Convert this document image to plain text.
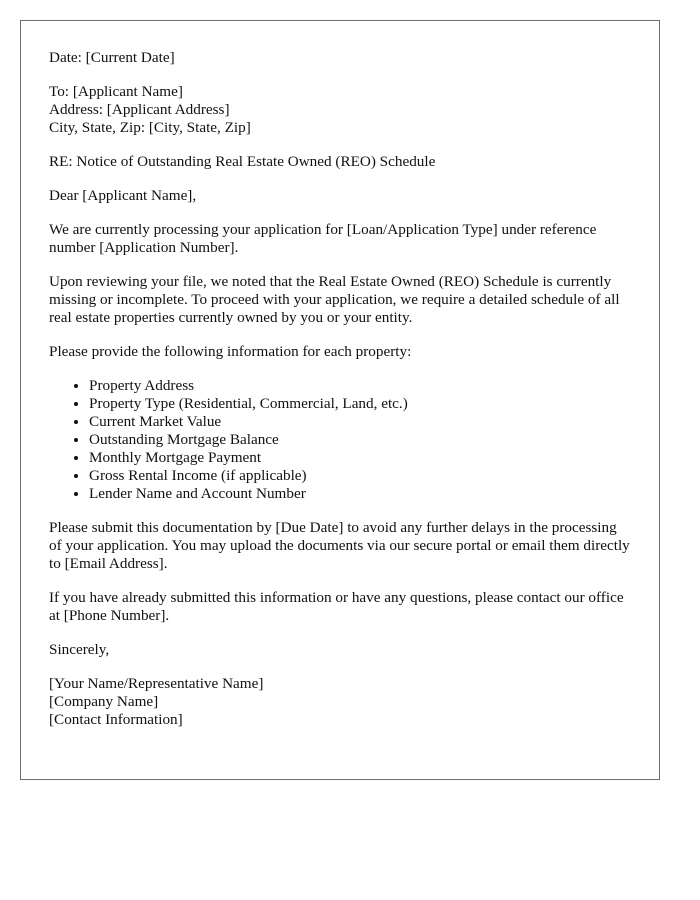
Date: [Current Date]

To: [Applicant Name]
Address: [Applicant Address]
City, State, Zip: [City, State, Zip]

RE: Notice of Outstanding Real Estate Owned (REO) Schedule

Dear [Applicant Name],

We are currently processing your application for [Loan/Application Type] under reference number [Application Number].

Upon reviewing your file, we noted that the Real Estate Owned (REO) Schedule is currently missing or incomplete. To proceed with your application, we require a detailed schedule of all real estate properties currently owned by you or your entity.

Please provide the following information for each property:

• Property Address
• Property Type (Residential, Commercial, Land, etc.)
• Current Market Value
• Outstanding Mortgage Balance
• Monthly Mortgage Payment
• Gross Rental Income (if applicable)
• Lender Name and Account Number

Please submit this documentation by [Due Date] to avoid any further delays in the processing of your application. You may upload the documents via our secure portal or email them directly to [Email Address].

If you have already submitted this information or have any questions, please contact our office at [Phone Number].

Sincerely,

[Your Name/Representative Name]
[Company Name]
[Contact Information]
